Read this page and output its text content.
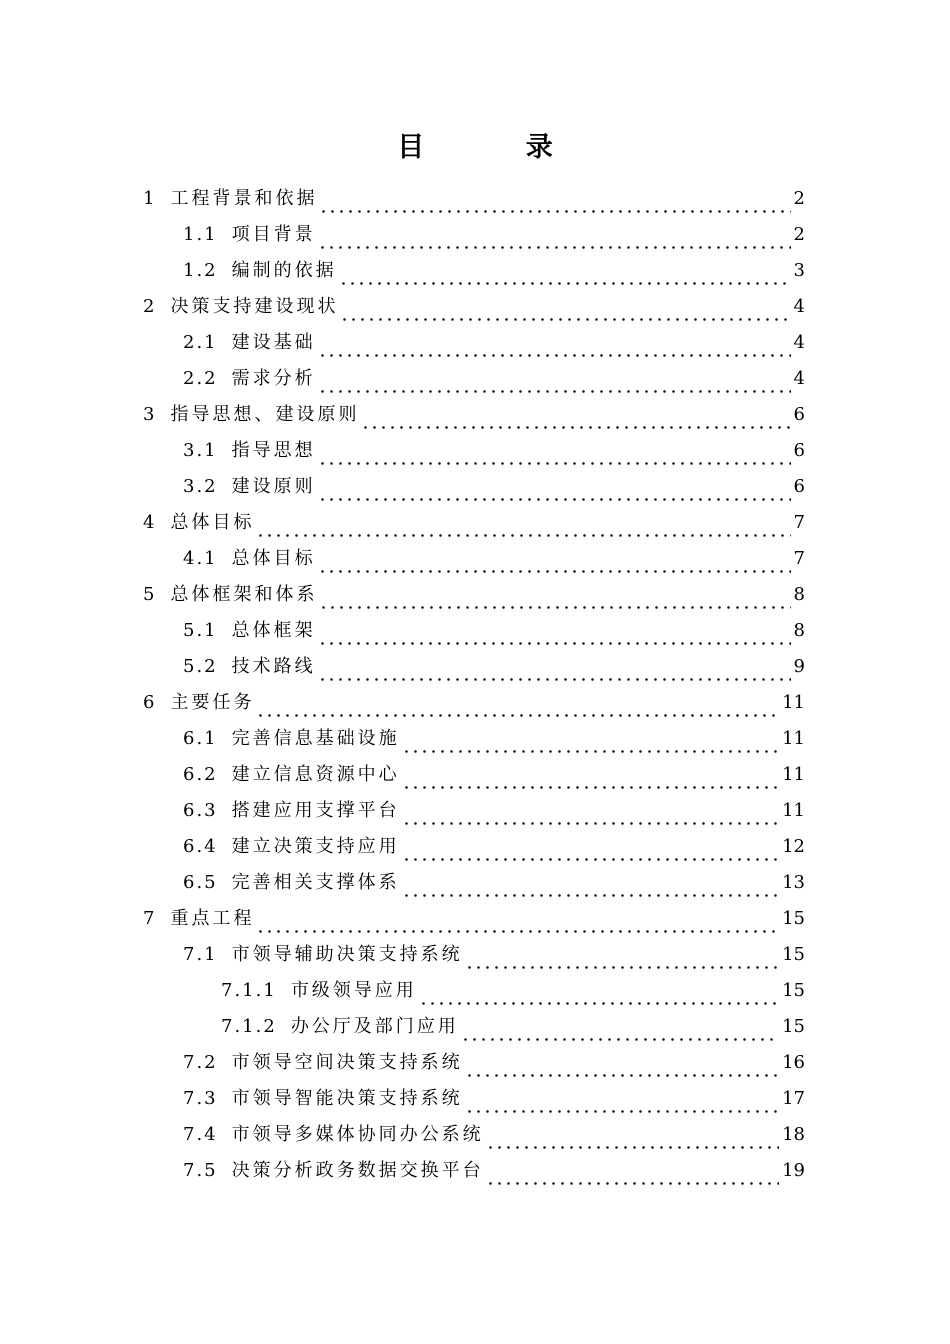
目 录
1 工程背景和依据	2
1.1 项目背景	2
1.2 编制的依据	3
2 决策支持建设现状	4
2.1 建设基础	4
2.2 需求分析	4
3 指导思想、建设原则	6
3.1 指导思想	6
3.2 建设原则	6
4 总体目标	7
4.1 总体目标	7
5 总体框架和体系	8
5.1 总体框架	8
5.2 技术路线	9
6 主要任务	11
6.1 完善信息基础设施	11
6.2 建立信息资源中心	11
6.3 搭建应用支撑平台	11
6.4 建立决策支持应用	12
6.5 完善相关支撑体系	13
7 重点工程	15
7.1 市领导辅助决策支持系统	15
7.1.1 市级领导应用	15
7.1.2 办公厅及部门应用	15
7.2 市领导空间决策支持系统	16
7.3 市领导智能决策支持系统	17
7.4 市领导多媒体协同办公系统	18
7.5 决策分析政务数据交换平台	19
